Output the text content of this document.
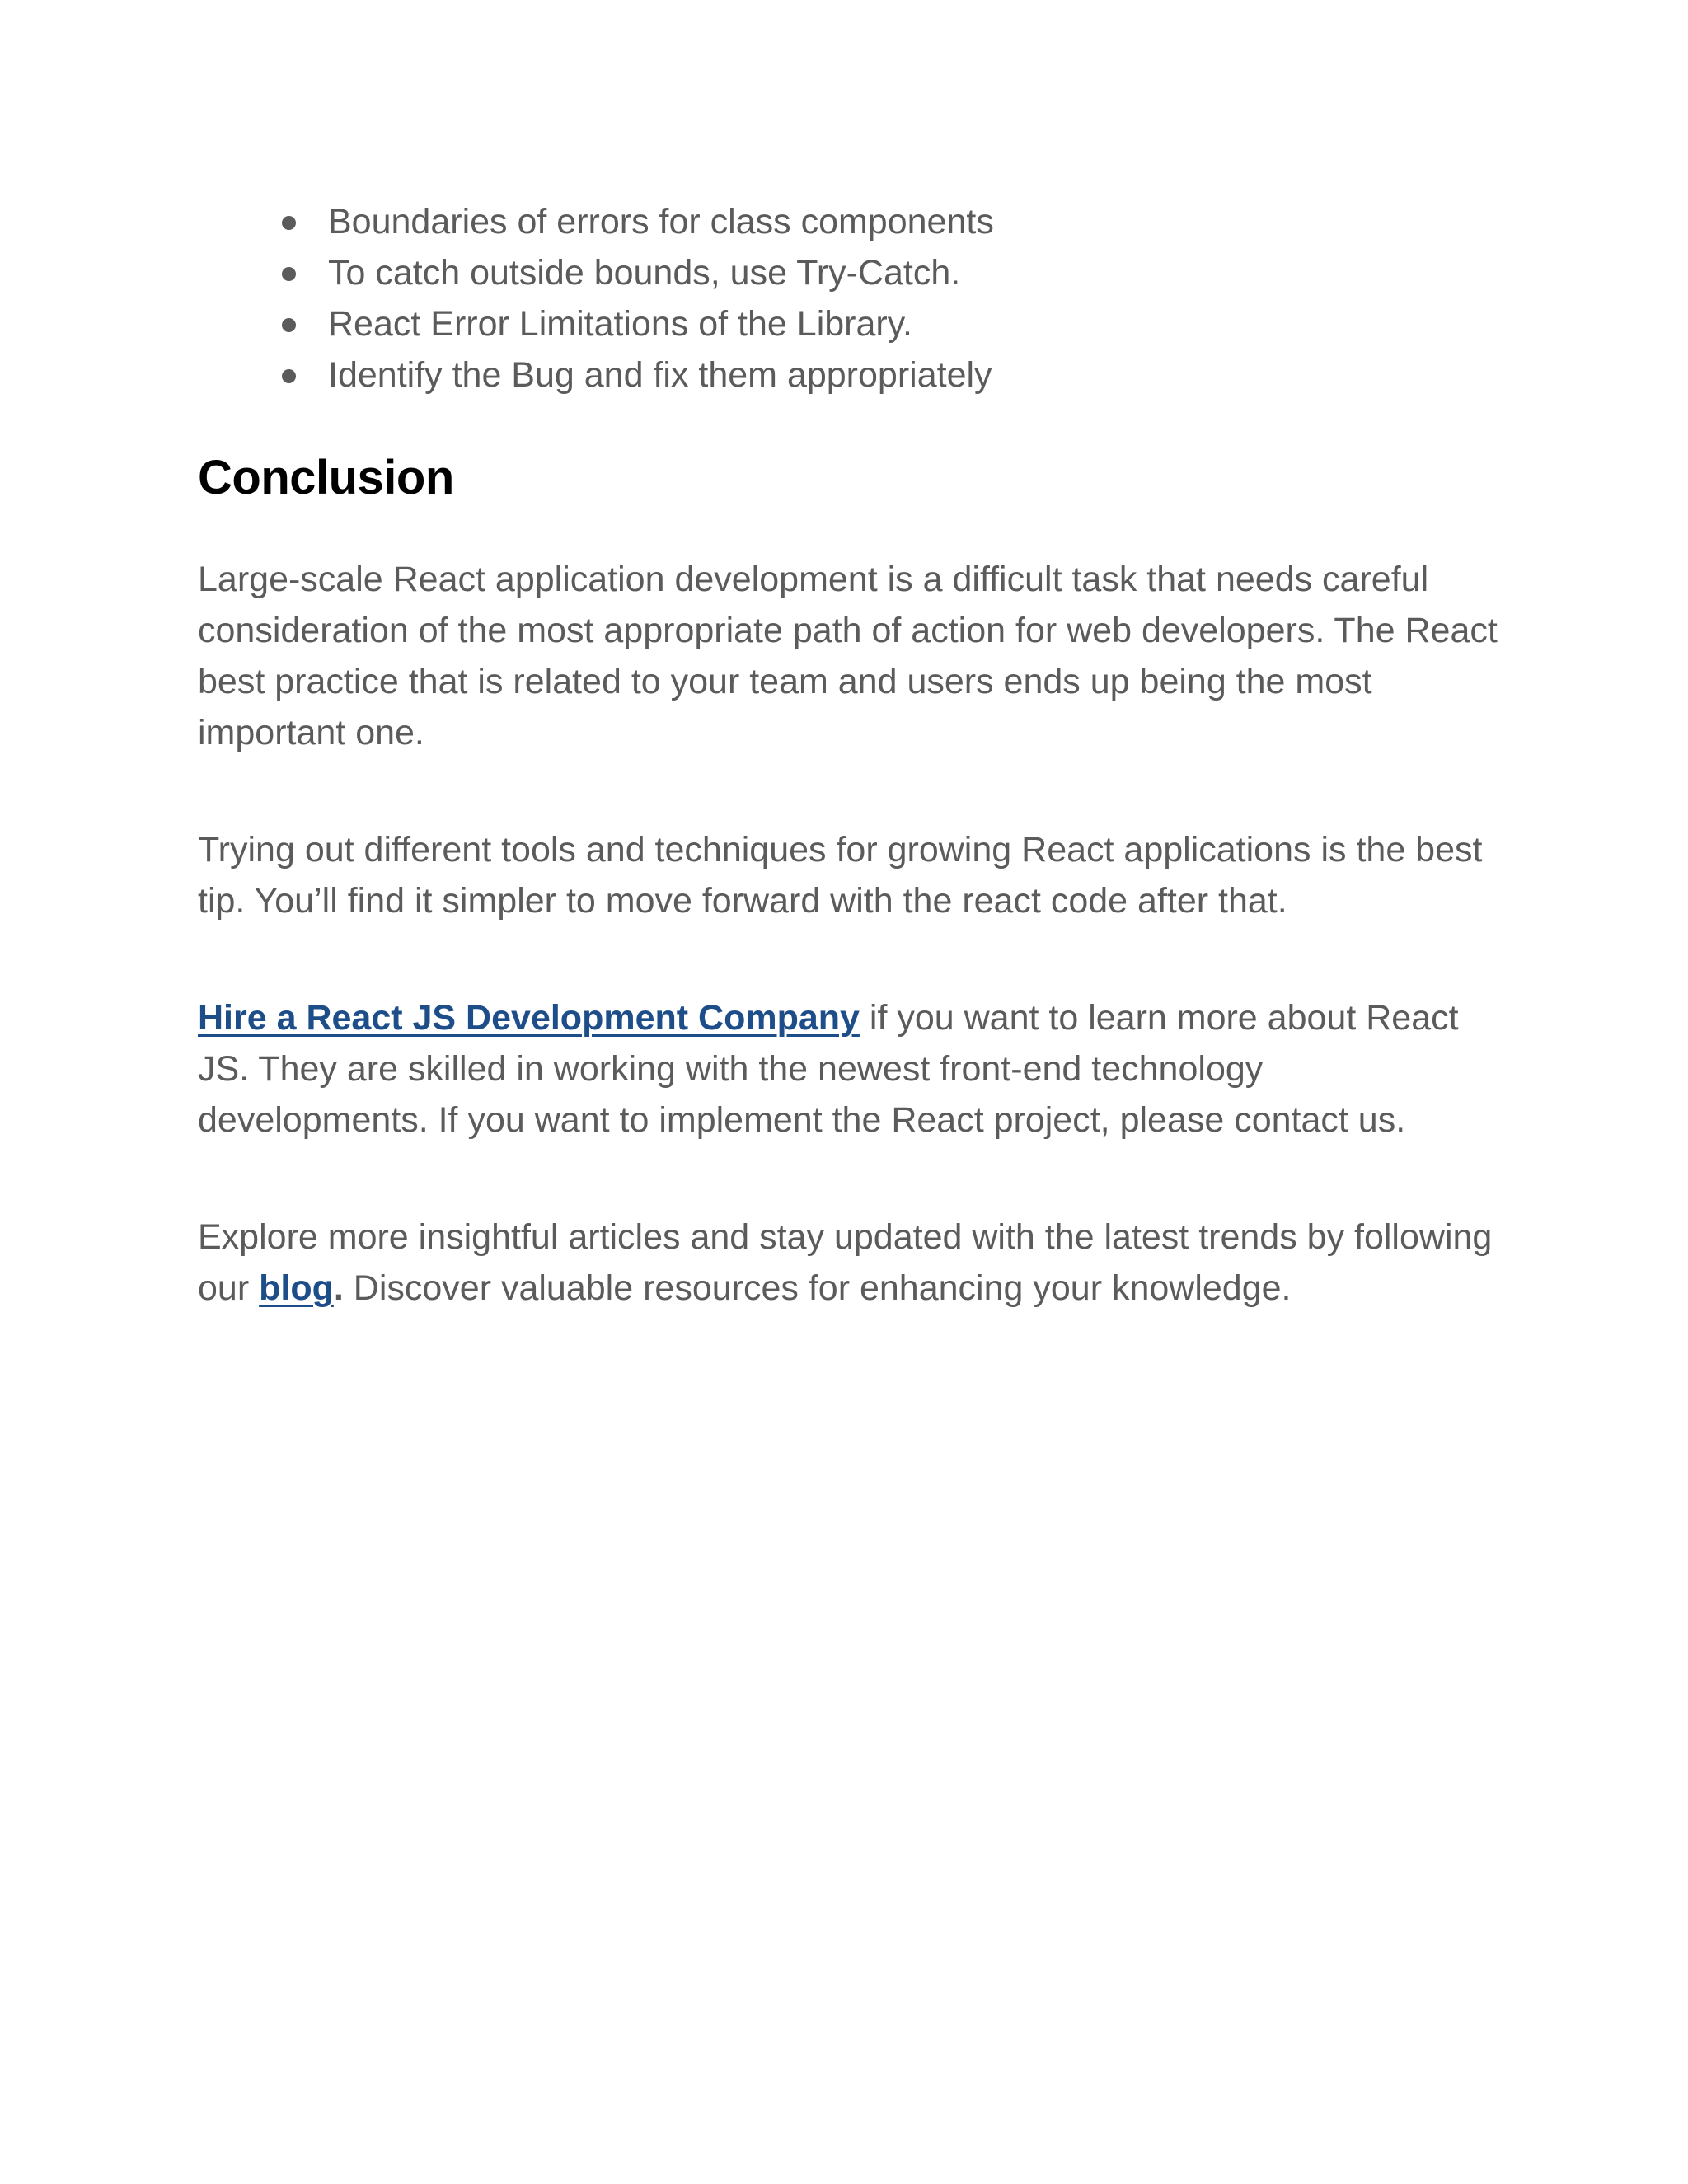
Boundaries of errors for class components
To catch outside bounds, use Try-Catch.
React Error Limitations of the Library.
Identify the Bug and fix them appropriately
Conclusion

Large-scale React application development is a difficult task that needs careful consideration of the most appropriate path of action for web developers. The React best practice that is related to your team and users ends up being the most important one.

Trying out different tools and techniques for growing React applications is the best tip. You’ll find it simpler to move forward with the react code after that.

Hire a React JS Development Company if you want to learn more about React JS. They are skilled in working with the newest front-end technology developments. If you want to implement the React project, please contact us.

Explore more insightful articles and stay updated with the latest trends by following our blog. Discover valuable resources for enhancing your knowledge.
